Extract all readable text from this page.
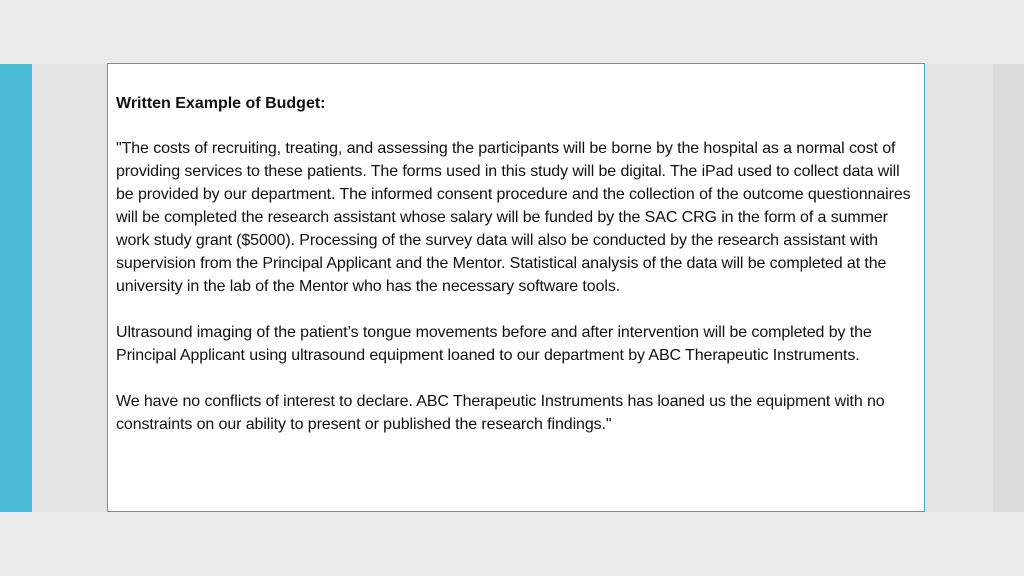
Written Example of Budget:

"The costs of recruiting, treating, and assessing the participants will be borne by the hospital as a normal cost of providing services to these patients. The forms used in this study will be digital. The iPad used to collect data will be provided by our department. The informed consent procedure and the collection of the outcome questionnaires will be completed the research assistant whose salary will be funded by the SAC CRG in the form of a summer work study grant ($5000). Processing of the survey data will also be conducted by the research assistant with supervision from the Principal Applicant and the Mentor. Statistical analysis of the data will be completed at the university in the lab of the Mentor who has the necessary software tools.

Ultrasound imaging of the patient’s tongue movements before and after intervention will be completed by the Principal Applicant using ultrasound equipment loaned to our department by ABC Therapeutic Instruments.

We have no conflicts of interest to declare. ABC Therapeutic Instruments has loaned us the equipment with no constraints on our ability to present or published the research findings."
